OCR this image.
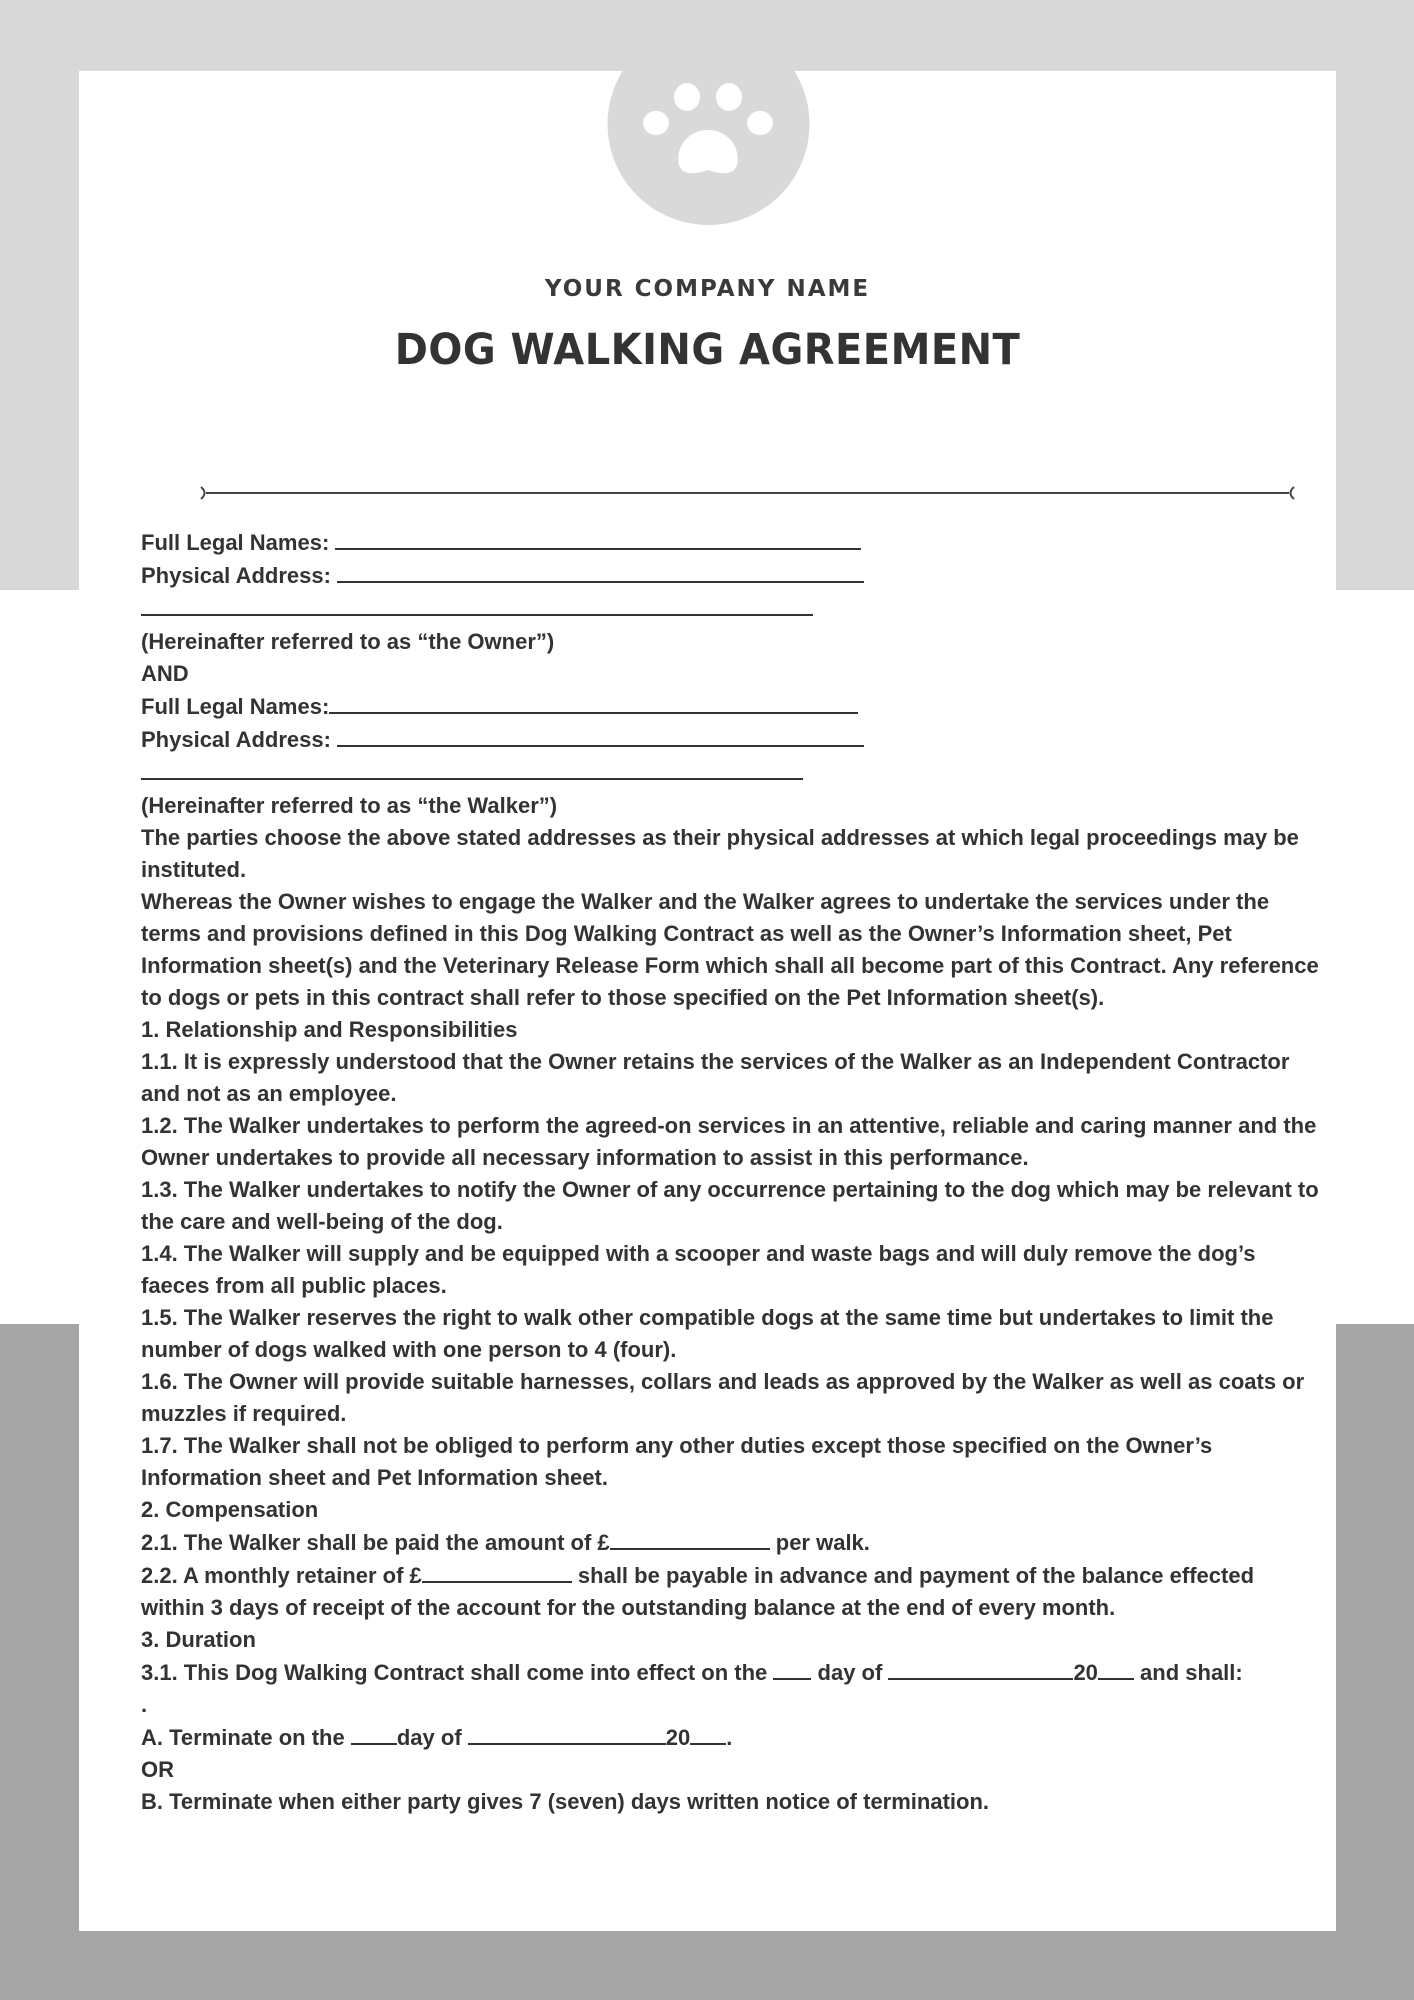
YOUR COMPANY NAME
DOG WALKING AGREEMENT

Full Legal Names:

Physical Address:

(Hereinafter referred to as “the Owner”)

AND

Full Legal Names:

Physical Address:

(Hereinafter referred to as “the Walker”)

The parties choose the above stated addresses as their physical addresses at which legal proceedings may be instituted.

Whereas the Owner wishes to engage the Walker and the Walker agrees to undertake the services under the terms and provisions defined in this Dog Walking Contract as well as the Owner’s Information sheet, Pet Information sheet(s) and the Veterinary Release Form which shall all become part of this Contract. Any reference to dogs or pets in this contract shall refer to those specified on the Pet Information sheet(s).

1. Relationship and Responsibilities

1.1. It is expressly understood that the Owner retains the services of the Walker as an Independent Contractor and not as an employee.

1.2. The Walker undertakes to perform the agreed-on services in an attentive, reliable and caring manner and the Owner undertakes to provide all necessary information to assist in this performance.

1.3. The Walker undertakes to notify the Owner of any occurrence pertaining to the dog which may be relevant to the care and well-being of the dog.

1.4. The Walker will supply and be equipped with a scooper and waste bags and will duly remove the dog’s faeces from all public places.

1.5. The Walker reserves the right to walk other compatible dogs at the same time but undertakes to limit the number of dogs walked with one person to 4 (four).

1.6. The Owner will provide suitable harnesses, collars and leads as approved by the Walker as well as coats or muzzles if required.

1.7. The Walker shall not be obliged to perform any other duties except those specified on the Owner’s Information sheet and Pet Information sheet.

2. Compensation

2.1. The Walker shall be paid the amount of £	per walk.

2.2. A monthly retainer of £	shall be payable in advance and payment of the balance effected within 3 days of receipt of the account for the outstanding balance at the end of every month.

3. Duration

3.1. This Dog Walking Contract shall come into effect on the day of	20 and shall:

.

A. Terminate on the day of	20 .

OR

B. Terminate when either party gives 7 (seven) days written notice of termination.
